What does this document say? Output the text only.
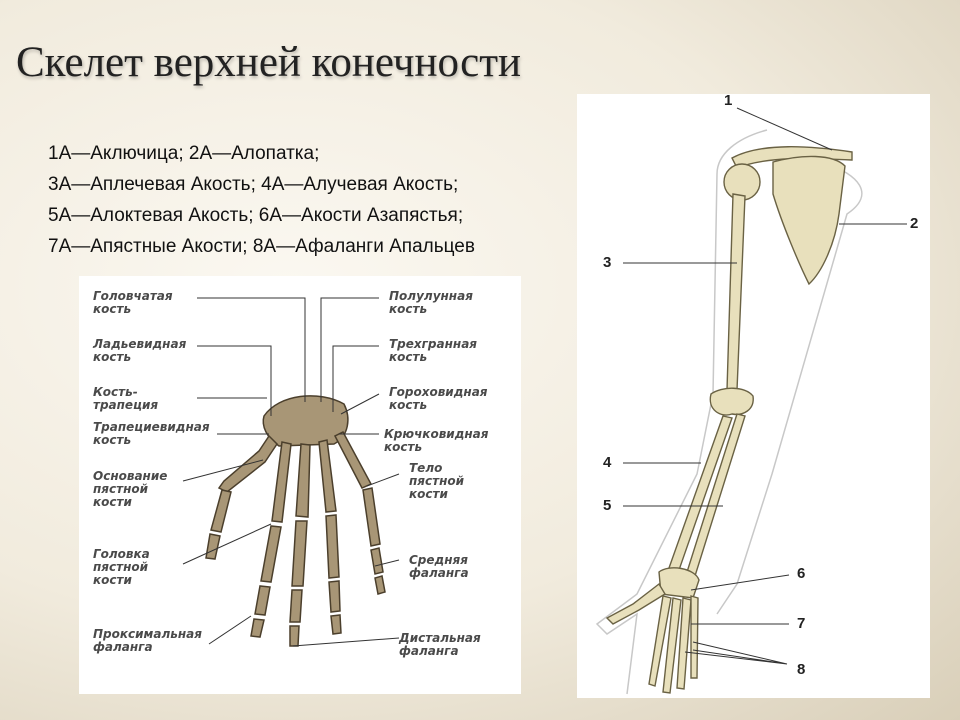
Скелет верхней конечности
1А—Аключица; 2А—Алопатка;
3А—Аплечевая Акость; 4А—Алучевая Акость;
5А—Алоктевая Акость; 6А—Акости Азапястья;
7А—Апястные Акости; 8А—Афаланги Апальцев
Головчатая
кость
Ладьевидная
кость
Кость-
трапеция
Трапециевидная
кость
Основание
пястной
кости
Головка
пястной
кости
Проксимальная
фаланга
Полулунная
кость
Трехгранная
кость
Гороховидная
кость
Крючковидная
кость
Тело
пястной
кости
Средняя
фаланга
Дистальная
фаланга
1
2
3
4
5
6
7
8
